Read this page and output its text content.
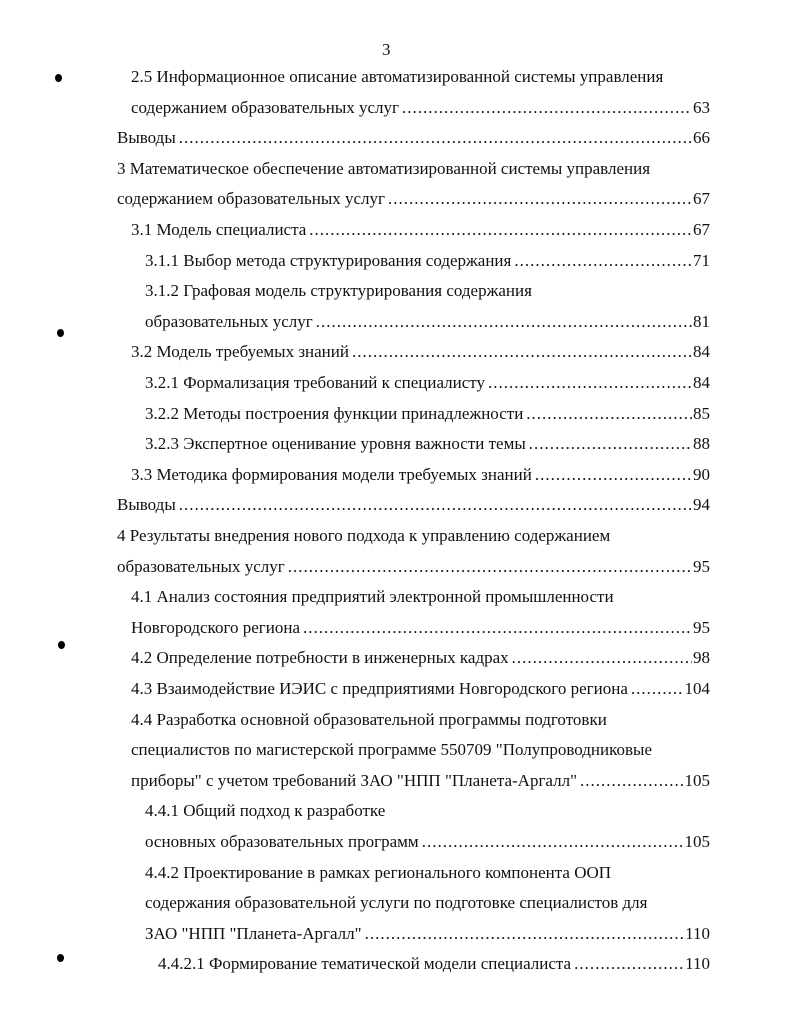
3
2.5 Информационное описание автоматизированной системы управления
содержанием образовательных услуг .....	63
Выводы .....	66
3 Математическое обеспечение автоматизированной системы управления
содержанием образовательных услуг .....	67
3.1 Модель специалиста .....	67
3.1.1 Выбор метода структурирования содержания .....	71
3.1.2 Графовая модель структурирования содержания
образовательных услуг .....	81
3.2 Модель требуемых знаний .....	84
3.2.1 Формализация требований к специалисту .....	84
3.2.2 Методы построения функции принадлежности .....	85
3.2.3 Экспертное оценивание уровня важности темы .....	88
3.3 Методика формирования модели требуемых знаний .....	90
Выводы .....	94
4 Результаты внедрения нового подхода к управлению содержанием
образовательных услуг .....	95
4.1 Анализ состояния предприятий электронной промышленности
Новгородского региона .....	95
4.2 Определение потребности в инженерных кадрах .....	98
4.3 Взаимодействие ИЭИС с предприятиями Новгородского региона .....	104
4.4 Разработка основной образовательной программы подготовки
специалистов по магистерской программе 550709 "Полупроводниковые
приборы" с учетом требований ЗАО "НПП "Планета-Аргалл" .....	105
4.4.1 Общий подход к разработке
основных образовательных программ .....	105
4.4.2 Проектирование в рамках регионального компонента ООП
содержания образовательной услуги по подготовке специалистов для
ЗАО "НПП "Планета-Аргалл" .....	110
4.4.2.1 Формирование тематической модели специалиста .....	110
